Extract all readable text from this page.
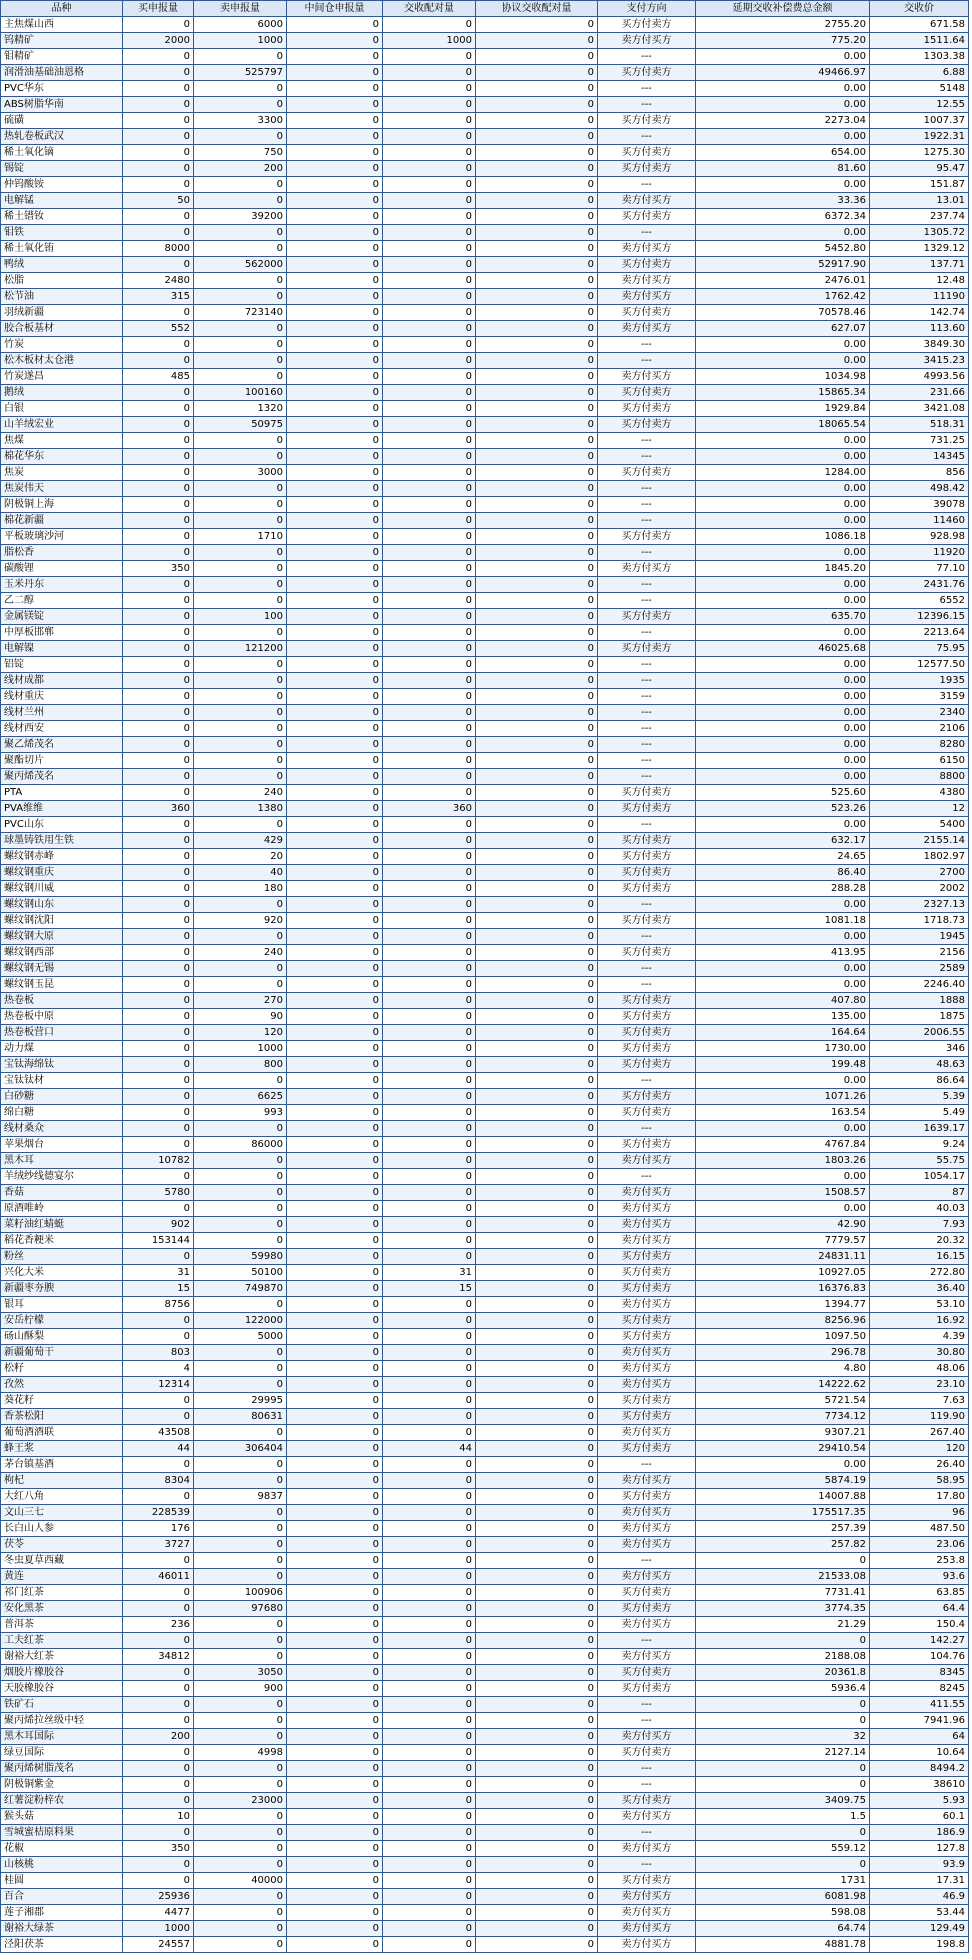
品种	买申报量	卖申报量	中间仓申报量	交收配对量	协议交收配对量	支付方向	延期交收补偿费总金额	交收价
主焦煤山西	0	6000	0	0	0	买方付卖方	2755.20	671.58
钨精矿	2000	1000	0	1000	0	卖方付买方	775.20	1511.64
钼精矿	0	0	0	0	0	---	0.00	1303.38
润滑油基础油恩格	0	525797	0	0	0	买方付卖方	49466.97	6.88
PVC华东	0	0	0	0	0	---	0.00	5148
ABS树脂华南	0	0	0	0	0	---	0.00	12.55
硫磺	0	3300	0	0	0	买方付卖方	2273.04	1007.37
热轧卷板武汉	0	0	0	0	0	---	0.00	1922.31
稀土氧化镝	0	750	0	0	0	买方付卖方	654.00	1275.30
锡锭	0	200	0	0	0	买方付卖方	81.60	95.47
仲钨酸铵	0	0	0	0	0	---	0.00	151.87
电解锰	50	0	0	0	0	卖方付买方	33.36	13.01
稀土镨钕	0	39200	0	0	0	买方付卖方	6372.34	237.74
钼铁	0	0	0	0	0	---	0.00	1305.72
稀土氧化铕	8000	0	0	0	0	卖方付买方	5452.80	1329.12
鸭绒	0	562000	0	0	0	买方付卖方	52917.90	137.71
松脂	2480	0	0	0	0	卖方付买方	2476.01	12.48
松节油	315	0	0	0	0	卖方付买方	1762.42	11190
羽绒新疆	0	723140	0	0	0	买方付卖方	70578.46	142.74
胶合板基材	552	0	0	0	0	卖方付买方	627.07	113.60
竹炭	0	0	0	0	0	---	0.00	3849.30
松木板材太仓港	0	0	0	0	0	---	0.00	3415.23
竹炭遂昌	485	0	0	0	0	卖方付买方	1034.98	4993.56
鹅绒	0	100160	0	0	0	买方付卖方	15865.34	231.66
白银	0	1320	0	0	0	买方付卖方	1929.84	3421.08
山羊绒宏业	0	50975	0	0	0	买方付卖方	18065.54	518.31
焦煤	0	0	0	0	0	---	0.00	731.25
棉花华东	0	0	0	0	0	---	0.00	14345
焦炭	0	3000	0	0	0	买方付卖方	1284.00	856
焦炭伟天	0	0	0	0	0	---	0.00	498.42
阴极铜上海	0	0	0	0	0	---	0.00	39078
棉花新疆	0	0	0	0	0	---	0.00	11460
平板玻璃沙河	0	1710	0	0	0	买方付卖方	1086.18	928.98
脂松香	0	0	0	0	0	---	0.00	11920
碳酸锂	350	0	0	0	0	卖方付买方	1845.20	77.10
玉米丹东	0	0	0	0	0	---	0.00	2431.76
乙二醇	0	0	0	0	0	---	0.00	6552
金属镁锭	0	100	0	0	0	买方付卖方	635.70	12396.15
中厚板邯郸	0	0	0	0	0	---	0.00	2213.64
电解镍	0	121200	0	0	0	买方付卖方	46025.68	75.95
铝锭	0	0	0	0	0	---	0.00	12577.50
线材成都	0	0	0	0	0	---	0.00	1935
线材重庆	0	0	0	0	0	---	0.00	3159
线材兰州	0	0	0	0	0	---	0.00	2340
线材西安	0	0	0	0	0	---	0.00	2106
聚乙烯茂名	0	0	0	0	0	---	0.00	8280
聚酯切片	0	0	0	0	0	---	0.00	6150
聚丙烯茂名	0	0	0	0	0	---	0.00	8800
PTA	0	240	0	0	0	买方付卖方	525.60	4380
PVA维维	360	1380	0	360	0	买方付卖方	523.26	12
PVC山东	0	0	0	0	0	---	0.00	5400
球墨铸铁用生铁	0	429	0	0	0	买方付卖方	632.17	2155.14
螺纹钢赤峰	0	20	0	0	0	买方付卖方	24.65	1802.97
螺纹钢重庆	0	40	0	0	0	买方付卖方	86.40	2700
螺纹钢川威	0	180	0	0	0	买方付卖方	288.28	2002
螺纹钢山东	0	0	0	0	0	---	0.00	2327.13
螺纹钢沈阳	0	920	0	0	0	买方付卖方	1081.18	1718.73
螺纹钢大原	0	0	0	0	0	---	0.00	1945
螺纹钢西部	0	240	0	0	0	买方付卖方	413.95	2156
螺纹钢无锡	0	0	0	0	0	---	0.00	2589
螺纹钢玉昆	0	0	0	0	0	---	0.00	2246.40
热卷板	0	270	0	0	0	买方付卖方	407.80	1888
热卷板中原	0	90	0	0	0	买方付卖方	135.00	1875
热卷板营口	0	120	0	0	0	买方付卖方	164.64	2006.55
动力煤	0	1000	0	0	0	买方付卖方	1730.00	346
宝钛海绵钛	0	800	0	0	0	买方付卖方	199.48	48.63
宝钛钛材	0	0	0	0	0	---	0.00	86.64
白砂糖	0	6625	0	0	0	买方付卖方	1071.26	5.39
绵白糖	0	993	0	0	0	买方付卖方	163.54	5.49
线材桑众	0	0	0	0	0	---	0.00	1639.17
苹果烟台	0	86000	0	0	0	买方付卖方	4767.84	9.24
黑木耳	10782	0	0	0	0	卖方付买方	1803.26	55.75
羊绒纱线德宴尔	0	0	0	0	0	---	0.00	1054.17
香菇	5780	0	0	0	0	卖方付买方	1508.57	87
原酒唯岭	0	0	0	0	0	卖方付买方	0.00	40.03
菜籽油红蜻蜓	902	0	0	0	0	卖方付买方	42.90	7.93
稻花香粳米	153144	0	0	0	0	卖方付买方	7779.57	20.32
粉丝	0	59980	0	0	0	买方付卖方	24831.11	16.15
兴化大米	31	50100	0	31	0	买方付卖方	10927.05	272.80
新疆枣夯腴	15	749870	0	15	0	买方付卖方	16376.83	36.40
银耳	8756	0	0	0	0	卖方付买方	1394.77	53.10
安岳柠檬	0	122000	0	0	0	买方付卖方	8256.96	16.92
砀山酥梨	0	5000	0	0	0	买方付卖方	1097.50	4.39
新疆葡萄干	803	0	0	0	0	卖方付买方	296.78	30.80
松籽	4	0	0	0	0	卖方付买方	4.80	48.06
孜然	12314	0	0	0	0	卖方付买方	14222.62	23.10
葵花籽	0	29995	0	0	0	买方付卖方	5721.54	7.63
香茶松阳	0	80631	0	0	0	买方付卖方	7734.12	119.90
葡萄酒酒联	43508	0	0	0	0	卖方付买方	9307.21	267.40
蜂王浆	44	306404	0	44	0	买方付卖方	29410.54	120
茅台镇基酒	0	0	0	0	0	---	0.00	26.40
枸杞	8304	0	0	0	0	卖方付买方	5874.19	58.95
大红八角	0	9837	0	0	0	买方付卖方	14007.88	17.80
文山三七	228539	0	0	0	0	卖方付买方	175517.35	96
长白山人参	176	0	0	0	0	卖方付买方	257.39	487.50
茯苓	3727	0	0	0	0	卖方付买方	257.82	23.06
冬虫夏草西藏	0	0	0	0	0	---	0	253.8
黄连	46011	0	0	0	0	卖方付买方	21533.08	93.6
祁门红茶	0	100906	0	0	0	买方付卖方	7731.41	63.85
安化黑茶	0	97680	0	0	0	买方付卖方	3774.35	64.4
普洱茶	236	0	0	0	0	卖方付买方	21.29	150.4
工夫红茶	0	0	0	0	0	---	0	142.27
谢裕大红茶	34812	0	0	0	0	卖方付买方	2188.08	104.76
烟胶片橡胶谷	0	3050	0	0	0	买方付卖方	20361.8	8345
天胶橡胶谷	0	900	0	0	0	买方付卖方	5936.4	8245
铁矿石	0	0	0	0	0	---	0	411.55
聚丙烯拉丝级中轻	0	0	0	0	0	---	0	7941.96
黑木耳国际	200	0	0	0	0	卖方付买方	32	64
绿豆国际	0	4998	0	0	0	买方付卖方	2127.14	10.64
聚丙烯树脂茂名	0	0	0	0	0	---	0	8494.2
阴极铜紫金	0	0	0	0	0	---	0	38610
红薯淀粉梓农	0	23000	0	0	0	买方付卖方	3409.75	5.93
猴头菇	10	0	0	0	0	卖方付买方	1.5	60.1
雪城蜜桔原料果	0	0	0	0	0	---	0	186.9
花椒	350	0	0	0	0	卖方付买方	559.12	127.8
山核桃	0	0	0	0	0	---	0	93.9
桂圆	0	40000	0	0	0	买方付卖方	1731	17.31
百合	25936	0	0	0	0	卖方付买方	6081.98	46.9
莲子湘郡	4477	0	0	0	0	卖方付买方	598.08	53.44
谢裕大绿茶	1000	0	0	0	0	卖方付买方	64.74	129.49
泾阳茯茶	24557	0	0	0	0	卖方付买方	4881.78	198.8
